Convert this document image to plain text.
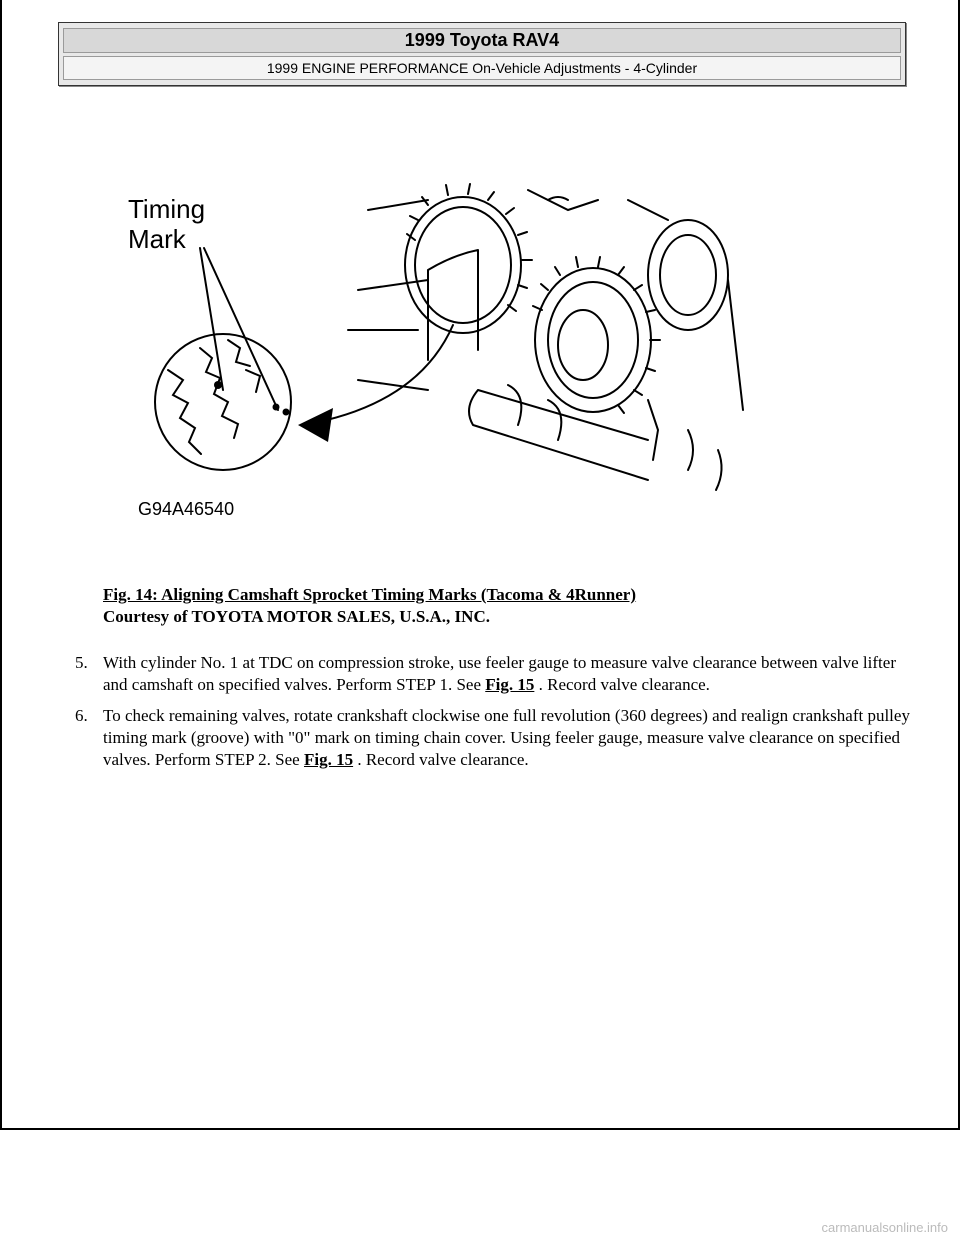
1999 Toyota RAV4
1999 ENGINE PERFORMANCE On-Vehicle Adjustments - 4-Cylinder
Timing
Mark
G94A46540
Fig. 14: Aligning Camshaft Sprocket Timing Marks (Tacoma & 4Runner)
Courtesy of TOYOTA MOTOR SALES, U.S.A., INC.
5. With cylinder No. 1 at TDC on compression stroke, use feeler gauge to measure valve clearance between valve lifter and camshaft on specified valves. Perform STEP 1. See Fig. 15 . Record valve clearance.
6. To check remaining valves, rotate crankshaft clockwise one full revolution (360 degrees) and realign crankshaft pulley timing mark (groove) with "0" mark on timing chain cover. Using feeler gauge, measure valve clearance on specified valves. Perform STEP 2. See Fig. 15 . Record valve clearance.
carmanualsonline.info
